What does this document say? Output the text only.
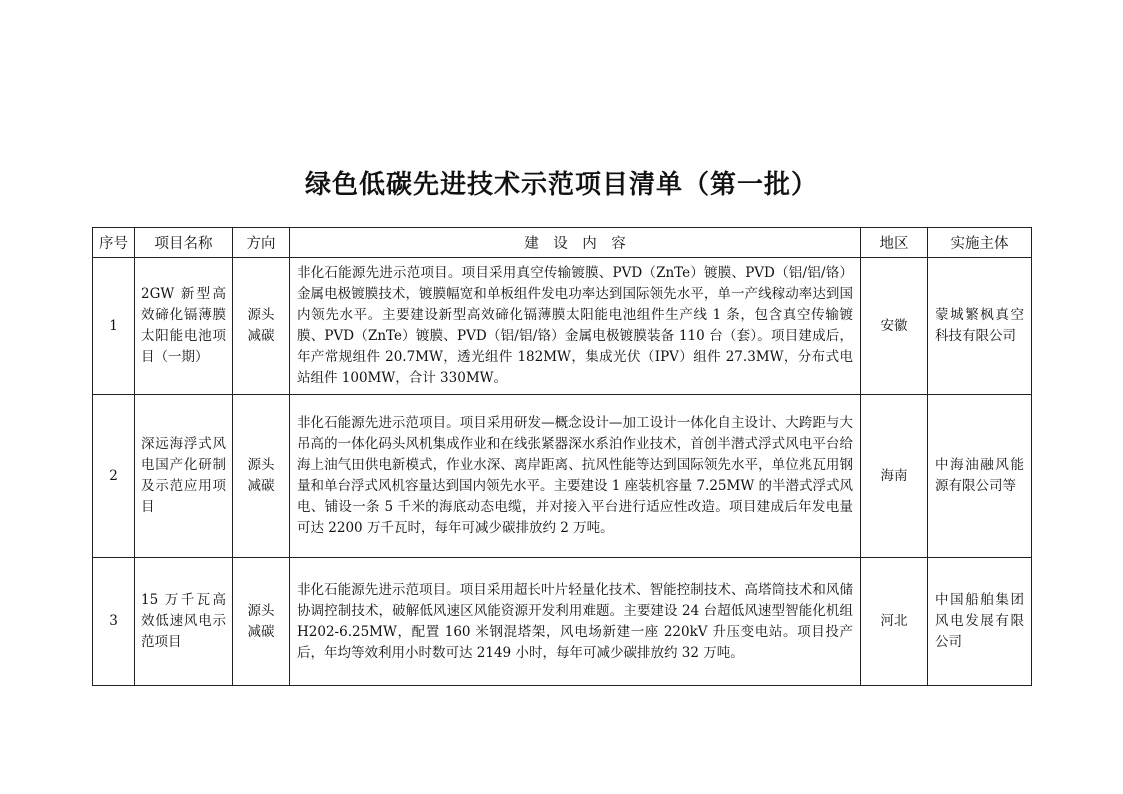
绿色低碳先进技术示范项目清单（第一批）
序号	项目名称	方向	建　设　内　容	地区	实施主体
1	2GW 新型高效碲化镉薄膜太阳能电池项目（一期）	源头减碳	非化石能源先进示范项目。项目采用真空传输镀膜、PVD（ZnTe）镀膜、PVD（铝/铝/铬）金属电极镀膜技术，镀膜幅宽和单板组件发电功率达到国际领先水平，单一产线稼动率达到国内领先水平。主要建设新型高效碲化镉薄膜太阳能电池组件生产线 1 条，包含真空传输镀膜、PVD（ZnTe）镀膜、PVD（铝/铝/铬）金属电极镀膜装备 110 台（套）。项目建成后，年产常规组件 20.7MW，透光组件 182MW，集成光伏（IPV）组件 27.3MW，分布式电站组件 100MW，合计 330MW。	安徽	蒙城繁枫真空科技有限公司
2	深远海浮式风电国产化研制及示范应用项目	源头减碳	非化石能源先进示范项目。项目采用研发—概念设计—加工设计一体化自主设计、大跨距与大吊高的一体化码头风机集成作业和在线张紧器深水系泊作业技术，首创半潜式浮式风电平台给海上油气田供电新模式，作业水深、离岸距离、抗风性能等达到国际领先水平，单位兆瓦用钢量和单台浮式风机容量达到国内领先水平。主要建设 1 座装机容量 7.25MW 的半潜式浮式风电、铺设一条 5 千米的海底动态电缆，并对接入平台进行适应性改造。项目建成后年发电量可达 2200 万千瓦时，每年可减少碳排放约 2 万吨。	海南	中海油融风能源有限公司等
3	15 万千瓦高效低速风电示范项目	源头减碳	非化石能源先进示范项目。项目采用超长叶片轻量化技术、智能控制技术、高塔筒技术和风储协调控制技术，破解低风速区风能资源开发利用难题。主要建设 24 台超低风速型智能化机组 H202-6.25MW，配置 160 米钢混塔架，风电场新建一座 220kV 升压变电站。项目投产后，年均等效利用小时数可达 2149 小时，每年可减少碳排放约 32 万吨。	河北	中国船舶集团风电发展有限公司
